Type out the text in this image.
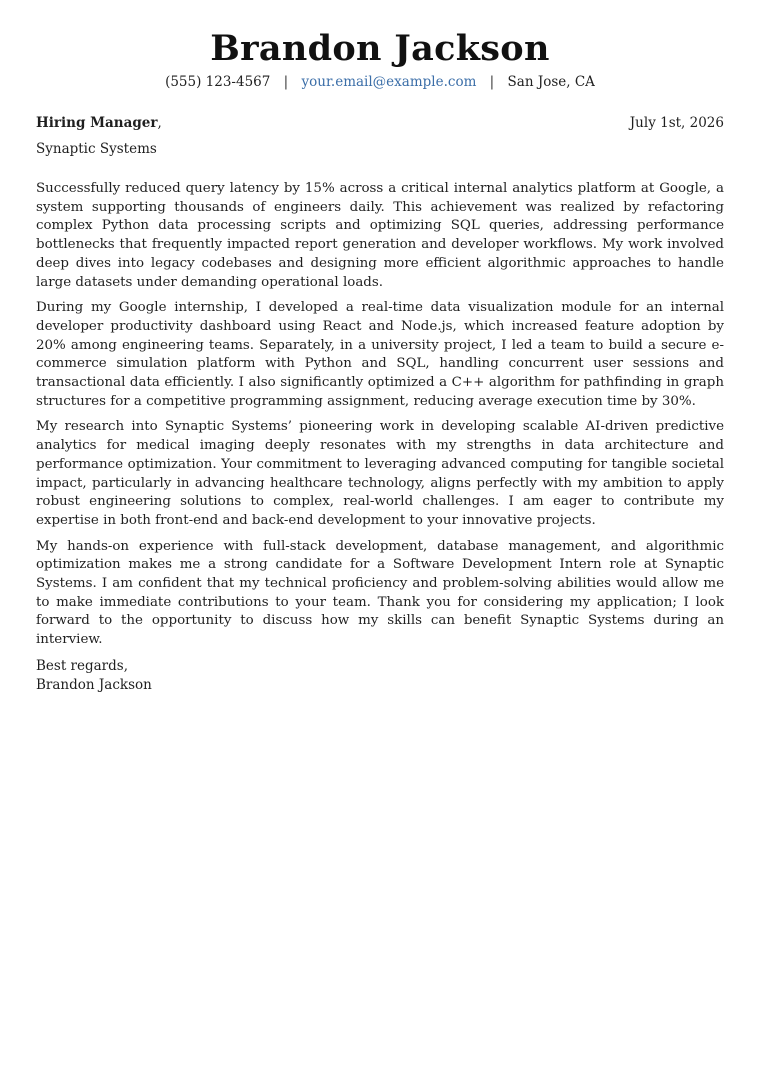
Brandon Jackson
(555) 123-4567 | your.email@example.com | San Jose, CA
Hiring Manager,	July 1st, 2026
Synaptic Systems

Successfully reduced query latency by 15% across a critical internal analytics platform at Google, a system supporting thousands of engineers daily. This achievement was realized by refactoring complex Python data processing scripts and optimizing SQL queries, addressing performance bottlenecks that frequently impacted report generation and developer workflows. My work involved deep dives into legacy codebases and designing more efficient algorithmic approaches to handle large datasets under demanding operational loads.

During my Google internship, I developed a real-time data visualization module for an internal developer productivity dashboard using React and Node.js, which increased feature adoption by 20% among engineering teams. Separately, in a university project, I led a team to build a secure e-commerce simulation platform with Python and SQL, handling concurrent user sessions and transactional data efficiently. I also significantly optimized a C++ algorithm for pathfinding in graph structures for a competitive programming assignment, reducing average execution time by 30%.

My research into Synaptic Systems’ pioneering work in developing scalable AI-driven predictive analytics for medical imaging deeply resonates with my strengths in data architecture and performance optimization. Your commitment to leveraging advanced computing for tangible societal impact, particularly in advancing healthcare technology, aligns perfectly with my ambition to apply robust engineering solutions to complex, real-world challenges. I am eager to contribute my expertise in both front-end and back-end development to your innovative projects.

My hands-on experience with full-stack development, database management, and algorithmic optimization makes me a strong candidate for a Software Development Intern role at Synaptic Systems. I am confident that my technical proficiency and problem-solving abilities would allow me to make immediate contributions to your team. Thank you for considering my application; I look forward to the opportunity to discuss how my skills can benefit Synaptic Systems during an interview.

Best regards,
Brandon Jackson
